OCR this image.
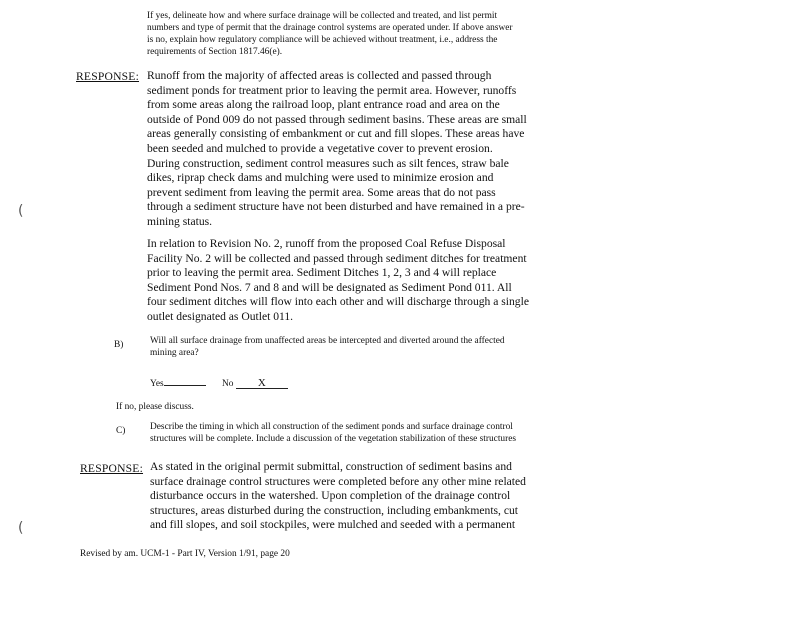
If yes, delineate how and where surface drainage will be collected and treated, and list permit
numbers and type of permit that the drainage control systems are operated under. If above answer
is no, explain how regulatory compliance will be achieved without treatment, i.e., address the
requirements of Section 1817.46(e).
RESPONSE: Runoff from the majority of affected areas is collected and passed through
sediment ponds for treatment prior to leaving the permit area. However, runoffs
from some areas along the railroad loop, plant entrance road and area on the
outside of Pond 009 do not passed through sediment basins. These areas are small
areas generally consisting of embankment or cut and fill slopes. These areas have
been seeded and mulched to provide a vegetative cover to prevent erosion.
During construction, sediment control measures such as silt fences, straw bale
dikes, riprap check dams and mulching were used to minimize erosion and
prevent sediment from leaving the permit area. Some areas that do not pass
through a sediment structure have not been disturbed and have remained in a pre-
mining status.
In relation to Revision No. 2, runoff from the proposed Coal Refuse Disposal
Facility No. 2 will be collected and passed through sediment ditches for treatment
prior to leaving the permit area. Sediment Ditches 1, 2, 3 and 4 will replace
Sediment Pond Nos. 7 and 8 and will be designated as Sediment Pond 011. All
four sediment ditches will flow into each other and will discharge through a single
outlet designated as Outlet 011.
B)	Will all surface drainage from unaffected areas be intercepted and diverted around the affected
mining area?
Yes	No X
If no, please discuss.
C)	Describe the timing in which all construction of the sediment ponds and surface drainage control
structures will be complete. Include a discussion of the vegetation stabilization of these structures
RESPONSE: As stated in the original permit submittal, construction of sediment basins and
surface drainage control structures were completed before any other mine related
disturbance occurs in the watershed. Upon completion of the drainage control
structures, areas disturbed during the construction, including embankments, cut
and fill slopes, and soil stockpiles, were mulched and seeded with a permanent
Revised by am. UCM-1 - Part IV, Version 1/91, page 20
(
(
